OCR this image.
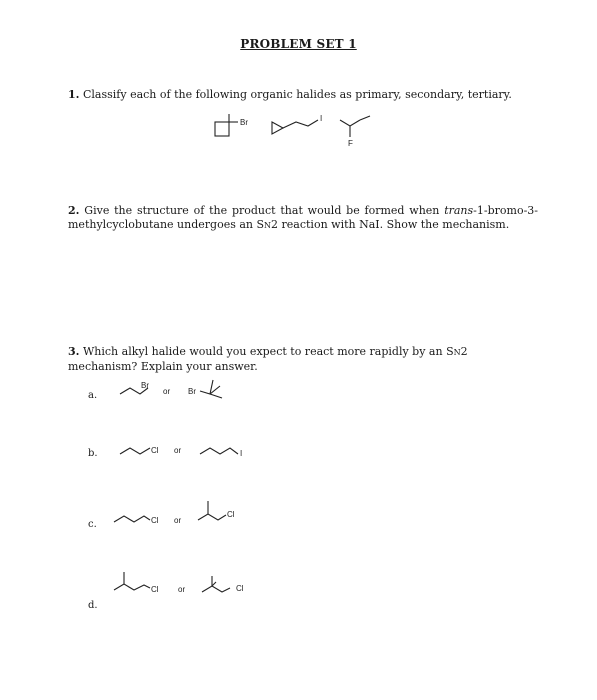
PROBLEM SET 1
1. Classify each of the following organic halides as primary, secondary, tertiary.
Br	I
F
2. Give the structure of the product that would be formed when trans-1-bromo-3-methylcyclobutane undergoes an SN2 reaction with NaI. Show the mechanism.
3. Which alkyl halide would you expect to react more rapidly by an SN2 mechanism? Explain your answer.
a.
Br
or Br
b.	Cl or	I
c.	Cl or
Cl
d.
Cl or	Cl
